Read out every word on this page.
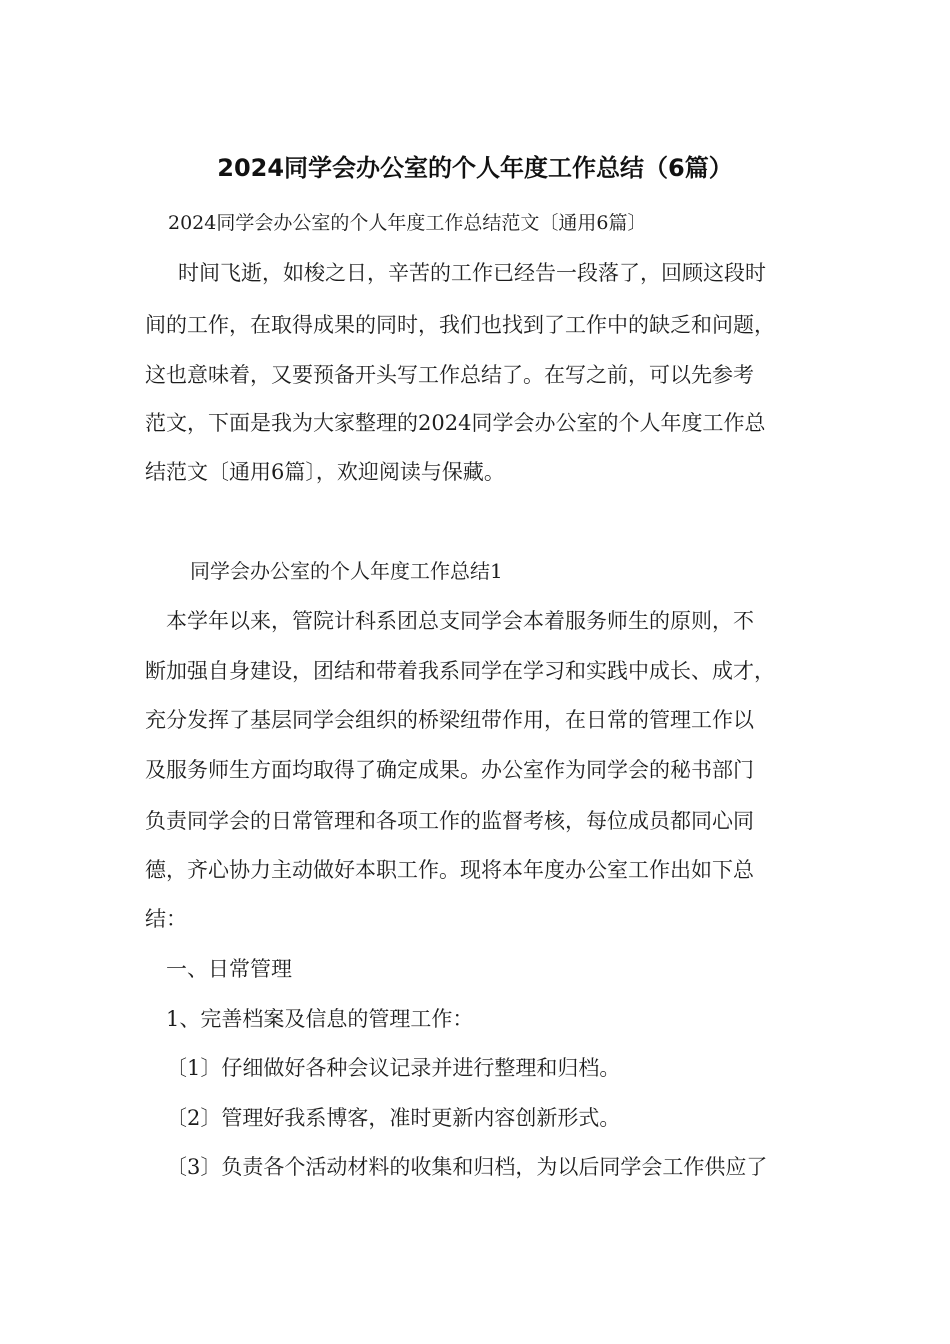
2024同学会办公室的个人年度工作总结（6篇）
2024同学会办公室的个人年度工作总结范文〔通用6篇〕
时间飞逝，如梭之日，辛苦的工作已经告一段落了，回顾这段时
间的工作，在取得成果的同时，我们也找到了工作中的缺乏和问题，
这也意味着，又要预备开头写工作总结了。在写之前，可以先参考
范文，下面是我为大家整理的2024同学会办公室的个人年度工作总
结范文〔通用6篇〕，欢迎阅读与保藏。
同学会办公室的个人年度工作总结1
本学年以来，管院计科系团总支同学会本着服务师生的原则，不
断加强自身建设，团结和带着我系同学在学习和实践中成长、成才，
充分发挥了基层同学会组织的桥梁纽带作用，在日常的管理工作以
及服务师生方面均取得了确定成果。办公室作为同学会的秘书部门
负责同学会的日常管理和各项工作的监督考核，每位成员都同心同
德，齐心协力主动做好本职工作。现将本年度办公室工作出如下总
结：
一、日常管理
1、完善档案及信息的管理工作：
〔1〕仔细做好各种会议记录并进行整理和归档。
〔2〕管理好我系博客，准时更新内容创新形式。
〔3〕负责各个活动材料的收集和归档，为以后同学会工作供应了
